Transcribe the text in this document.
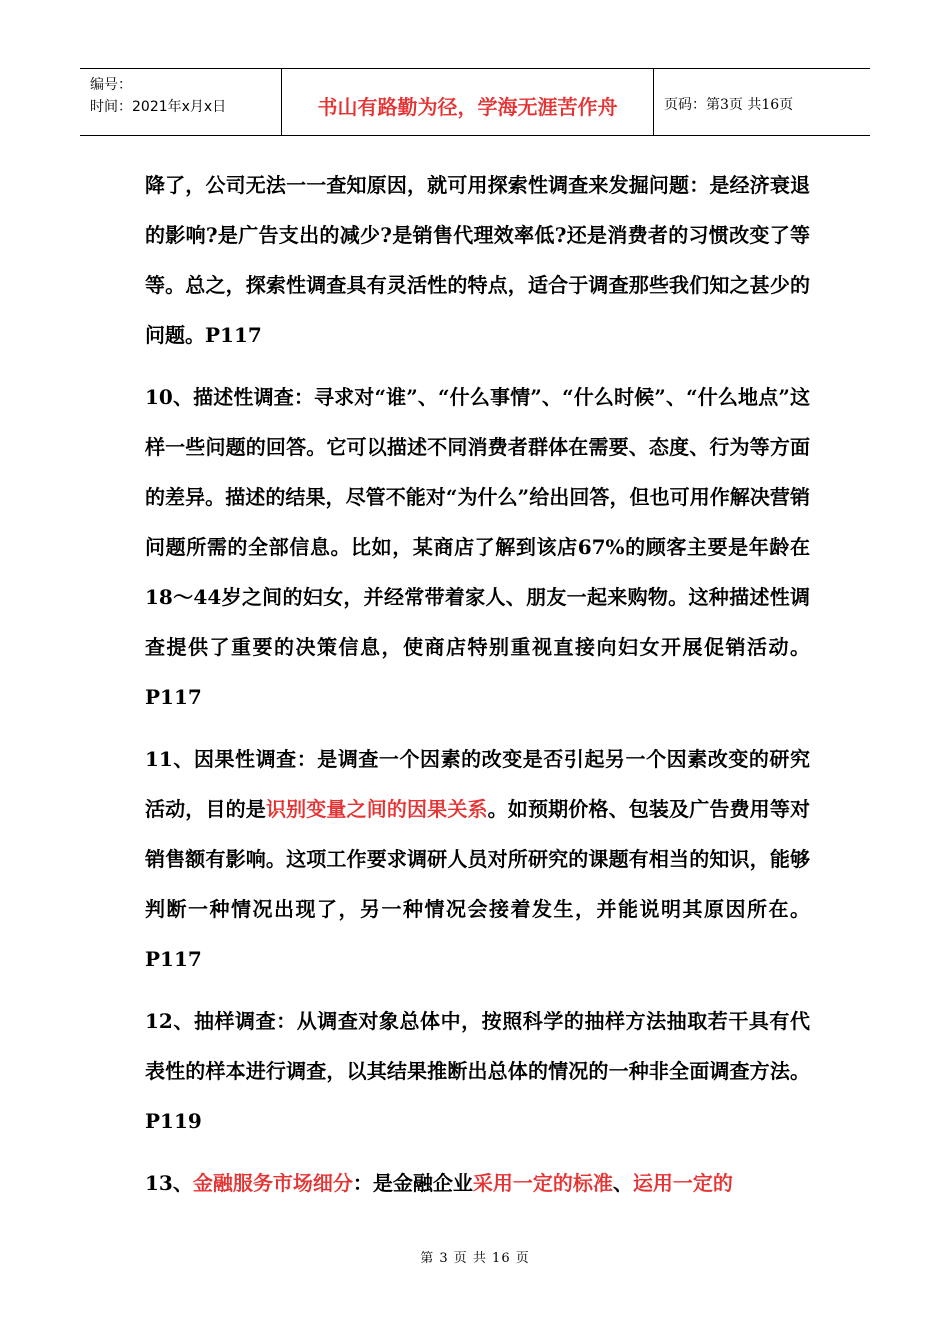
编号：
时间：2021年x月x日	书山有路勤为径，学海无涯苦作舟	页码：第3页 共16页

降了，公司无法一一查知原因，就可用探索性调查来发掘问题：是经济衰退的影响?是广告支出的减少?是销售代理效率低?还是消费者的习惯改变了等等。总之，探索性调查具有灵活性的特点，适合于调查那些我们知之甚少的问题。P117

10、描述性调查：寻求对“谁”、“什么事情”、“什么时候”、“什么地点”这样一些问题的回答。它可以描述不同消费者群体在需要、态度、行为等方面的差异。描述的结果，尽管不能对“为什么”给出回答，但也可用作解决营销问题所需的全部信息。比如，某商店了解到该店67%的顾客主要是年龄在18～44岁之间的妇女，并经常带着家人、朋友一起来购物。这种描述性调查提供了重要的决策信息，使商店特别重视直接向妇女开展促销活动。P117

11、因果性调查：是调查一个因素的改变是否引起另一个因素改变的研究活动，目的是识别变量之间的因果关系。如预期价格、包装及广告费用等对销售额有影响。这项工作要求调研人员对所研究的课题有相当的知识，能够判断一种情况出现了，另一种情况会接着发生，并能说明其原因所在。P117

12、抽样调查：从调查对象总体中，按照科学的抽样方法抽取若干具有代表性的样本进行调查，以其结果推断出总体的情况的一种非全面调查方法。P119

13、金融服务市场细分：是金融企业采用一定的标准、运用一定的

第 3 页 共 16 页
